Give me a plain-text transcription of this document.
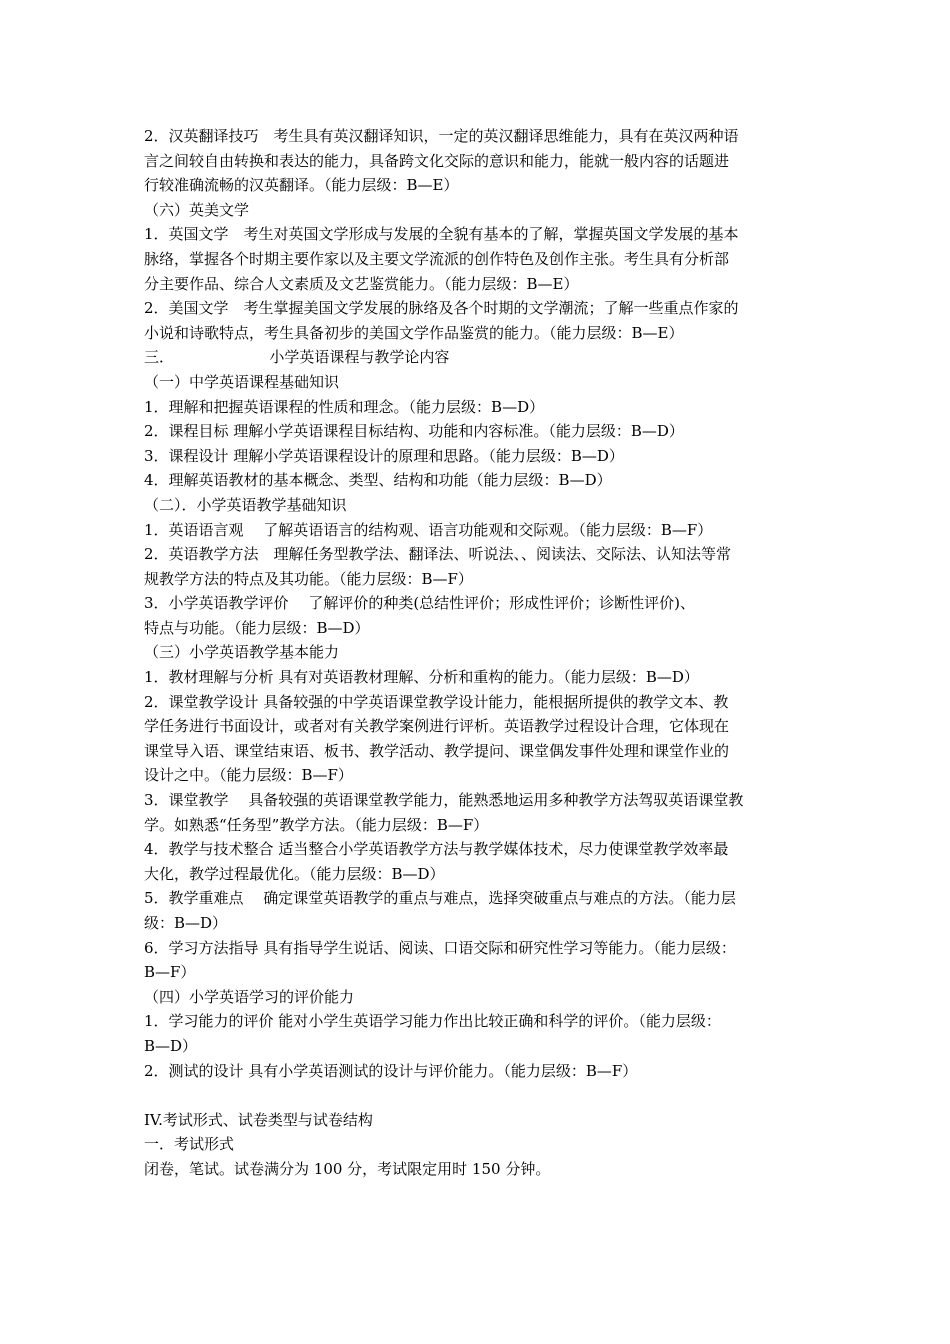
2．汉英翻译技巧　考生具有英汉翻译知识，一定的英汉翻译思维能力，具有在英汉两种语
言之间较自由转换和表达的能力，具备跨文化交际的意识和能力，能就一般内容的话题进
行较准确流畅的汉英翻译。（能力层级：B—E）
（六）英美文学
1．英国文学　考生对英国文学形成与发展的全貌有基本的了解，掌握英国文学发展的基本
脉络，掌握各个时期主要作家以及主要文学流派的创作特色及创作主张。考生具有分析部
分主要作品、综合人文素质及文艺鉴赏能力。（能力层级：B—E）
2．美国文学　考生掌握美国文学发展的脉络及各个时期的文学潮流；了解一些重点作家的
小说和诗歌特点，考生具备初步的美国文学作品鉴赏的能力。（能力层级：B—E）
三．                    小学英语课程与教学论内容
（一）中学英语课程基础知识
1．理解和把握英语课程的性质和理念。（能力层级：B—D）
2．课程目标 理解小学英语课程目标结构、功能和内容标准。（能力层级：B—D）
3．课程设计 理解小学英语课程设计的原理和思路。（能力层级：B—D）
4．理解英语教材的基本概念、类型、结构和功能（能力层级：B—D）
（二）．小学英语教学基础知识
1．英语语言观　 了解英语语言的结构观、语言功能观和交际观。（能力层级：B—F）
2．英语教学方法　理解任务型教学法、翻译法、听说法、、阅读法、交际法、认知法等常
规教学方法的特点及其功能。（能力层级：B—F）
3．小学英语教学评价　 了解评价的种类(总结性评价；形成性评价；诊断性评价)、
特点与功能。（能力层级：B—D）
（三）小学英语教学基本能力
1．教材理解与分析 具有对英语教材理解、分析和重构的能力。（能力层级：B—D）
2．课堂教学设计 具备较强的中学英语课堂教学设计能力，能根据所提供的教学文本、教
学任务进行书面设计，或者对有关教学案例进行评析。英语教学过程设计合理，它体现在
课堂导入语、课堂结束语、板书、教学活动、教学提问、课堂偶发事件处理和课堂作业的
设计之中。（能力层级：B—F）
3．课堂教学　 具备较强的英语课堂教学能力，能熟悉地运用多种教学方法驾驭英语课堂教
学。如熟悉“任务型”教学方法。（能力层级：B—F）
4．教学与技术整合 适当整合小学英语教学方法与教学媒体技术，尽力使课堂教学效率最
大化，教学过程最优化。（能力层级：B—D）
5．教学重难点　 确定课堂英语教学的重点与难点，选择突破重点与难点的方法。（能力层
级：B—D）
6．学习方法指导 具有指导学生说话、阅读、口语交际和研究性学习等能力。（能力层级：
B—F）
（四）小学英语学习的评价能力
1．学习能力的评价 能对小学生英语学习能力作出比较正确和科学的评价。（能力层级：
B—D）
2．测试的设计 具有小学英语测试的设计与评价能力。（能力层级：B—F）
IV.考试形式、试卷类型与试卷结构
一．考试形式
闭卷，笔试。试卷满分为 100 分，考试限定用时 150 分钟。
